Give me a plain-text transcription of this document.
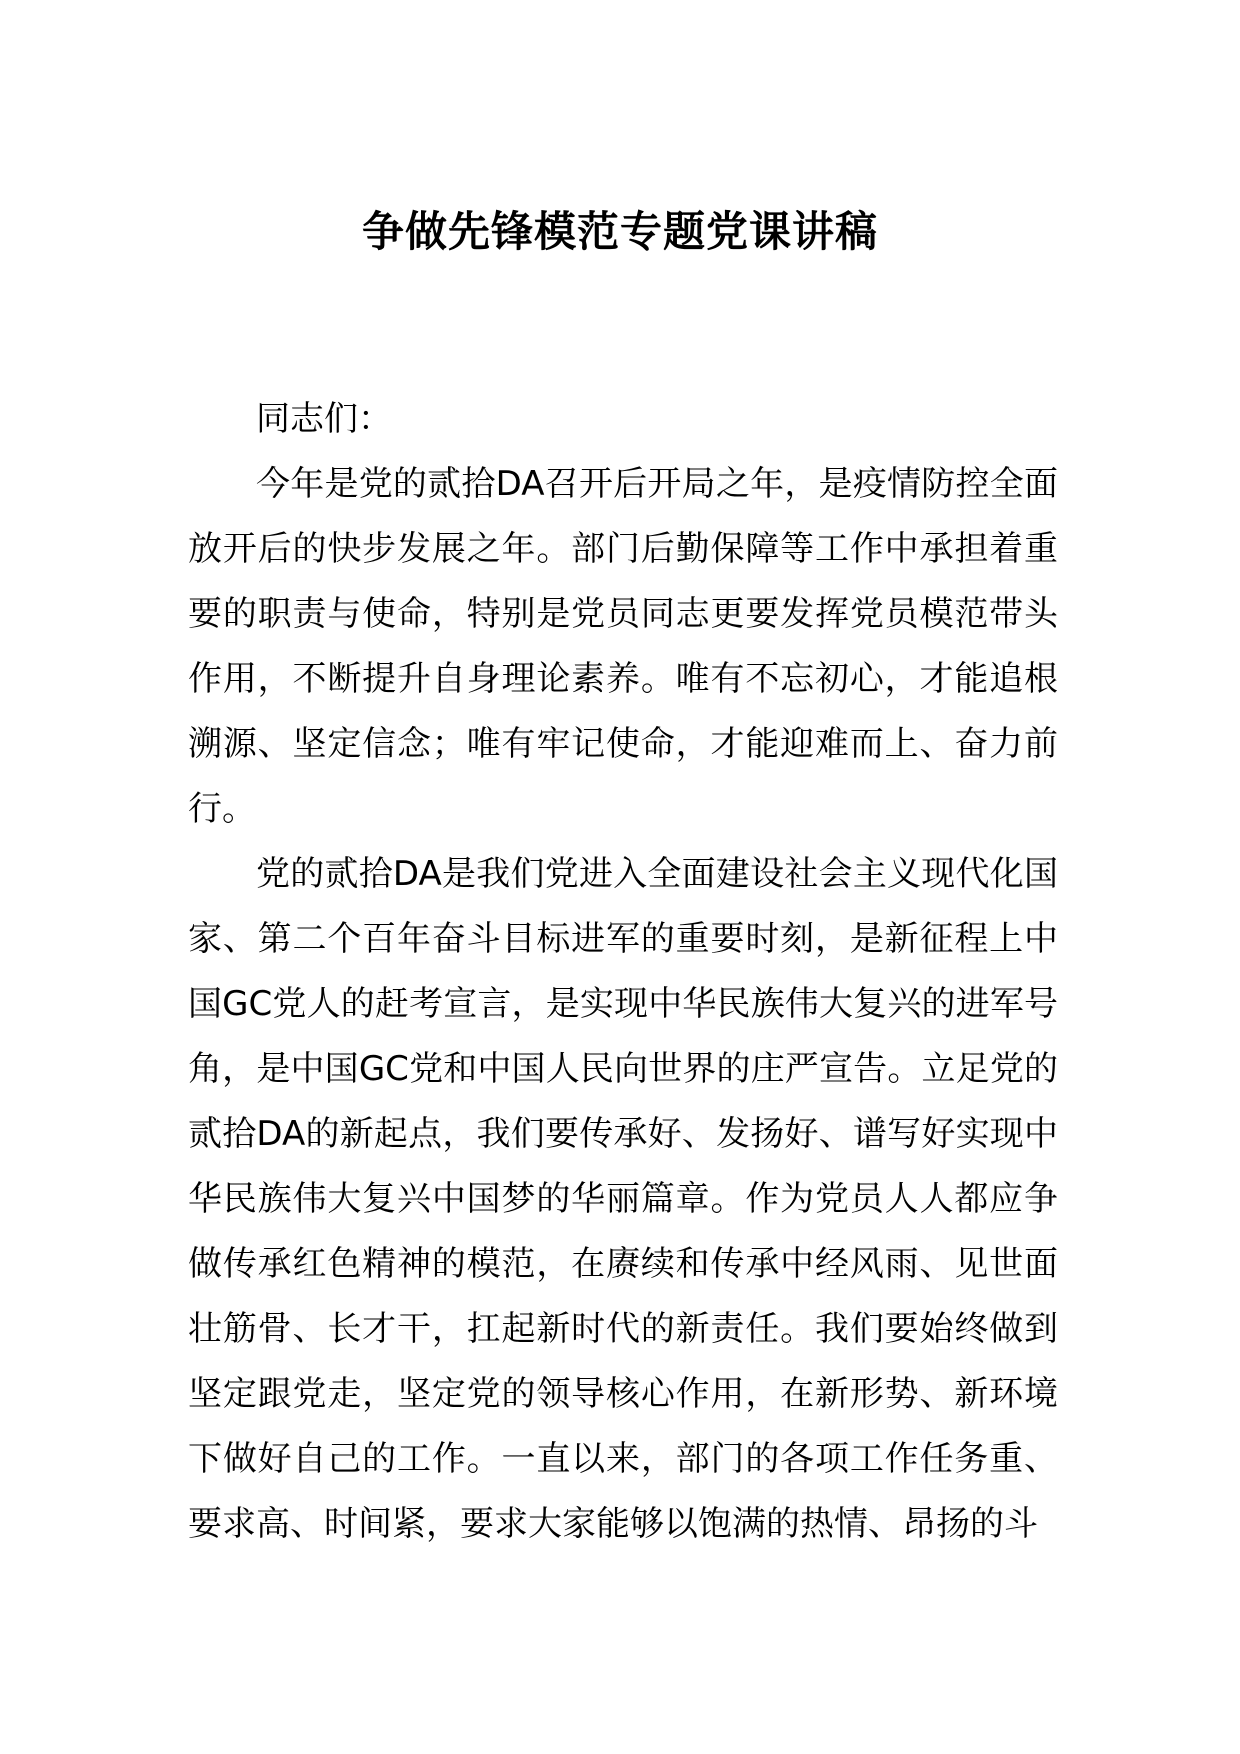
争做先锋模范专题党课讲稿

同志们：

今年是党的贰拾DA召开后开局之年，是疫情防控全面放开后的快步发展之年。部门后勤保障等工作中承担着重要的职责与使命，特别是党员同志更要发挥党员模范带头作用，不断提升自身理论素养。唯有不忘初心，才能追根溯源、坚定信念；唯有牢记使命，才能迎难而上、奋力前行。

党的贰拾DA是我们党进入全面建设社会主义现代化国家、第二个百年奋斗目标进军的重要时刻，是新征程上中国GC党人的赶考宣言，是实现中华民族伟大复兴的进军号角，是中国GC党和中国人民向世界的庄严宣告。立足党的贰拾DA的新起点，我们要传承好、发扬好、谱写好实现中华民族伟大复兴中国梦的华丽篇章。作为党员人人都应争做传承红色精神的模范，在赓续和传承中经风雨、见世面壮筋骨、长才干，扛起新时代的新责任。我们要始终做到坚定跟党走，坚定党的领导核心作用，在新形势、新环境下做好自己的工作。一直以来，部门的各项工作任务重、要求高、时间紧，要求大家能够以饱满的热情、昂扬的斗
